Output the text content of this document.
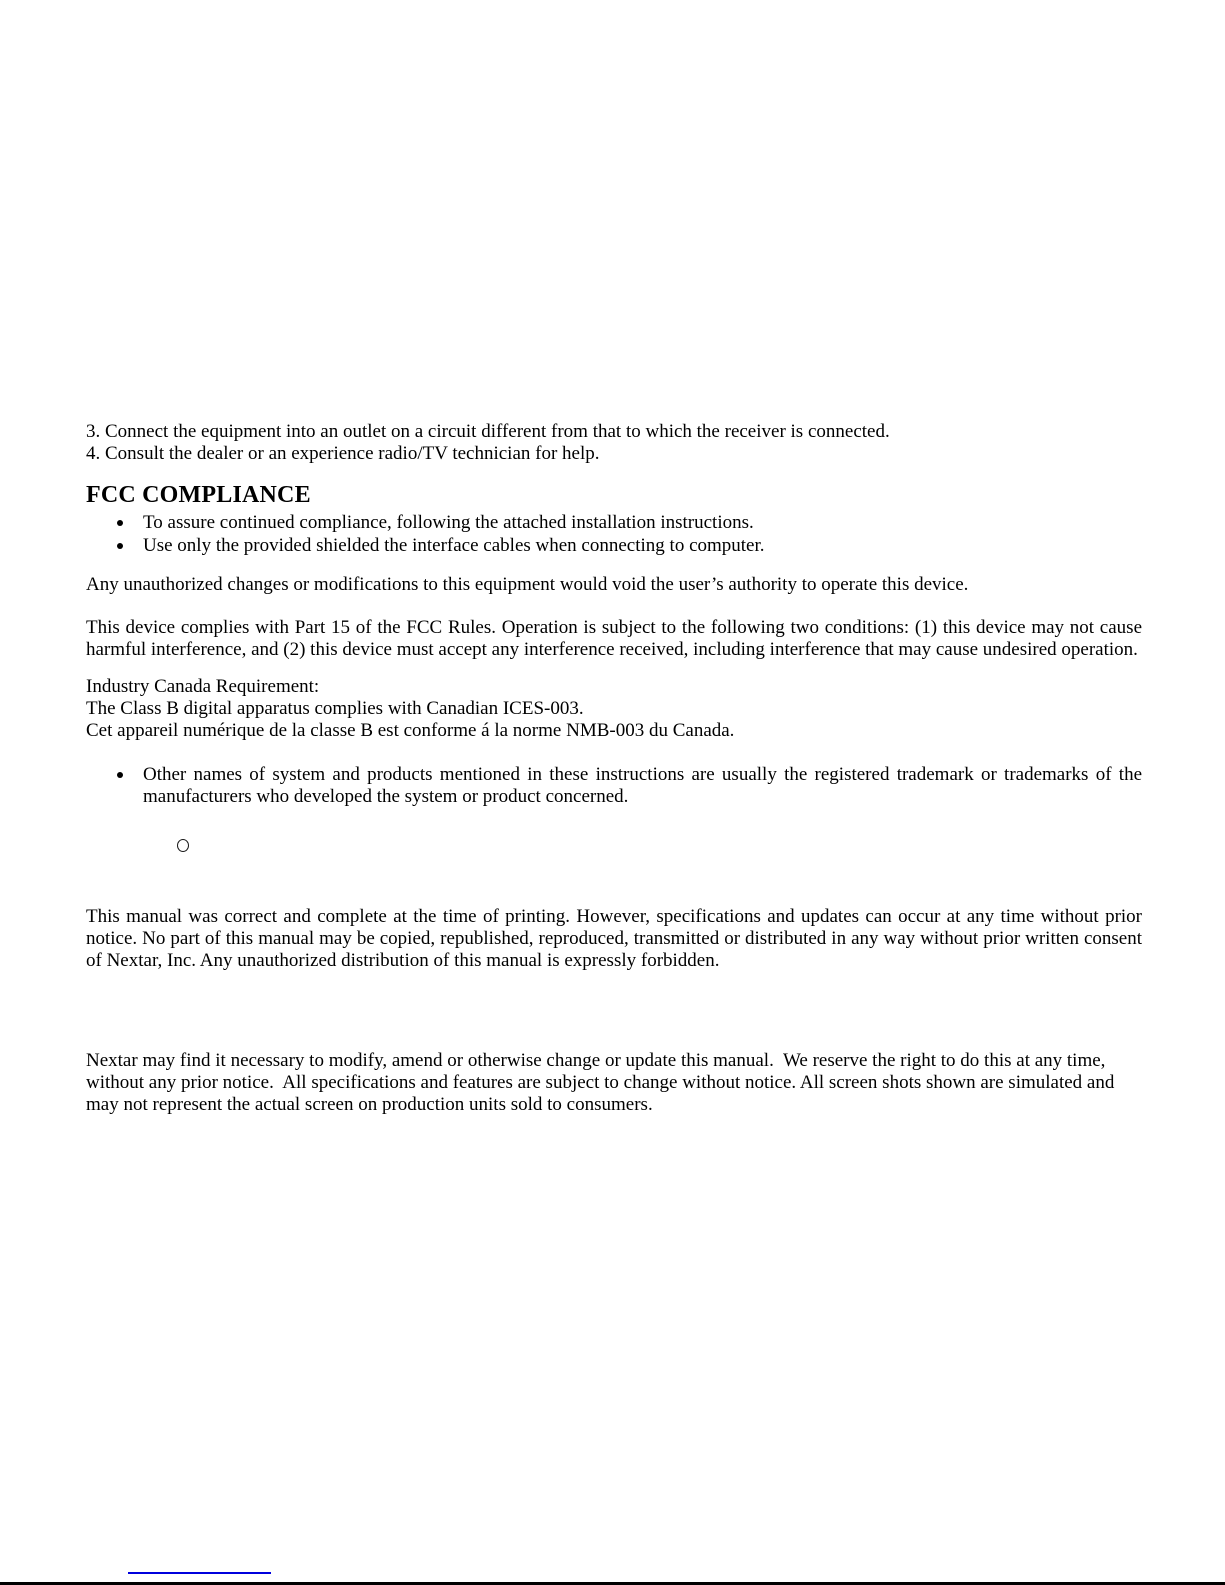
3. Connect the equipment into an outlet on a circuit different from that to which the receiver is connected.
4. Consult the dealer or an experience radio/TV technician for help.
FCC COMPLIANCE
To assure continued compliance, following the attached installation instructions.
Use only the provided shielded the interface cables when connecting to computer.
Any unauthorized changes or modifications to this equipment would void the user’s authority to operate this device.
This device complies with Part 15 of the FCC Rules. Operation is subject to the following two conditions: (1) this device may not cause harmful interference, and (2) this device must accept any interference received, including interference that may cause undesired operation.
Industry Canada Requirement:
The Class B digital apparatus complies with Canadian ICES-003.
Cet appareil numérique de la classe B est conforme á la norme NMB-003 du Canada.
Other names of system and products mentioned in these instructions are usually the registered trademark or trademarks of the manufacturers who developed the system or product concerned.
This manual was correct and complete at the time of printing. However, specifications and updates can occur at any time without prior notice. No part of this manual may be copied, republished, reproduced, transmitted or distributed in any way without prior written consent of Nextar, Inc. Any unauthorized distribution of this manual is expressly forbidden.
Nextar may find it necessary to modify, amend or otherwise change or update this manual.  We reserve the right to do this at any time, without any prior notice.  All specifications and features are subject to change without notice. All screen shots shown are simulated and may not represent the actual screen on production units sold to consumers.
